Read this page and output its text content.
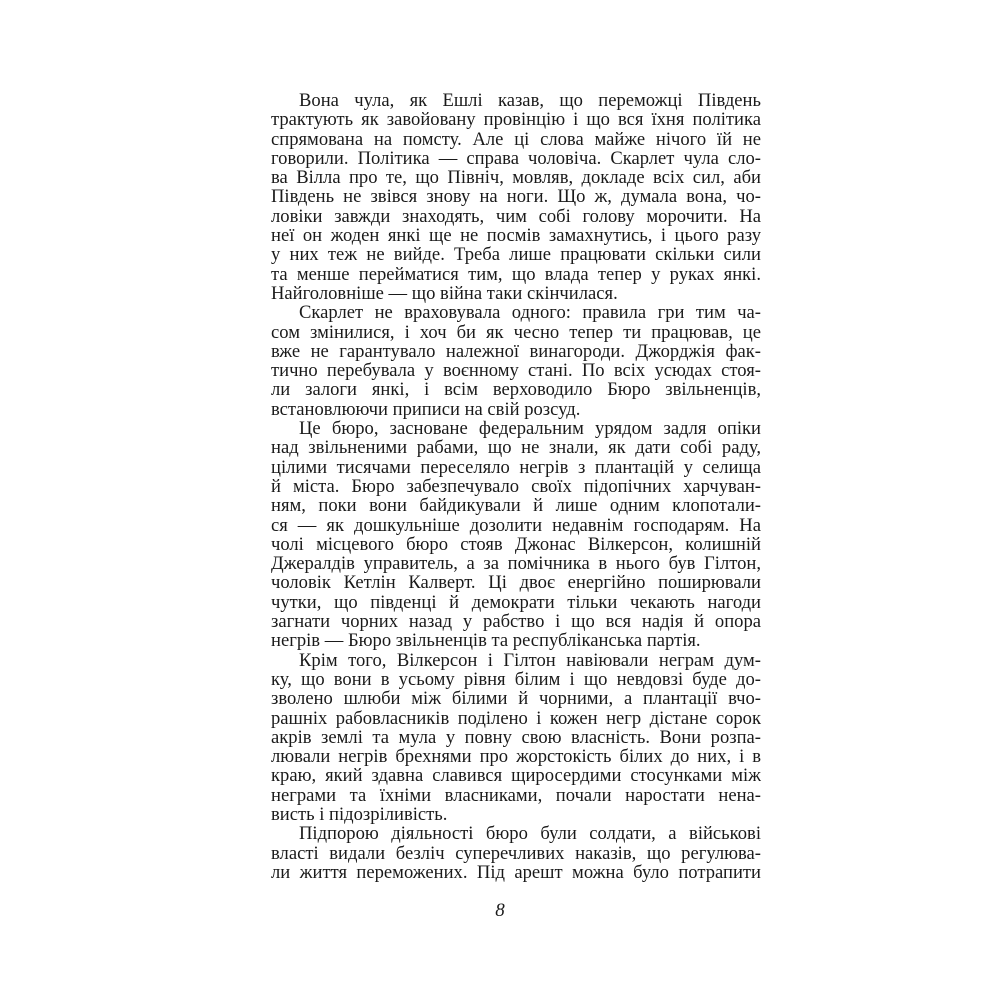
Вона чула, як Ешлі казав, що переможці Південь
трактують як завойовану провінцію і що вся їхня політика
спрямована на помсту. Але ці слова майже нічого їй не
говорили. Політика — справа чоловіча. Скарлет чула сло-
ва Вілла про те, що Північ, мовляв, докладе всіх сил, аби
Південь не звівся знову на ноги. Що ж, думала вона, чо-
ловіки завжди знаходять, чим собі голову морочити. На
неї он жоден янкі ще не посмів замахнутись, і цього разу
у них теж не вийде. Треба лише працювати скільки сили
та менше перейматися тим, що влада тепер у руках янкі.
Найголовніше — що війна таки скінчилася.

Скарлет не враховувала одного: правила гри тим ча-
сом змінилися, і хоч би як чесно тепер ти працював, це
вже не гарантувало належної винагороди. Джорджія фак-
тично перебувала у воєнному стані. По всіх усюдах стоя-
ли залоги янкі, і всім верховодило Бюро звільненців,
встановлюючи приписи на свій розсуд.

Це бюро, засноване федеральним урядом задля опіки
над звільненими рабами, що не знали, як дати собі раду,
цілими тисячами переселяло негрів з плантацій у селища
й міста. Бюро забезпечувало своїх підопічних харчуван-
ням, поки вони байдикували й лише одним клопотали-
ся — як дошкульніше дозолити недавнім господарям. На
чолі місцевого бюро стояв Джонас Вілкерсон, колишній
Джералдів управитель, а за помічника в нього був Гілтон,
чоловік Кетлін Калверт. Ці двоє енергійно поширювали
чутки, що південці й демократи тільки чекають нагоди
загнати чорних назад у рабство і що вся надія й опора
негрів — Бюро звільненців та республіканська партія.

Крім того, Вілкерсон і Гілтон навіювали неграм дум-
ку, що вони в усьому рівня білим і що невдовзі буде до-
зволено шлюби між білими й чорними, а плантації вчо-
рашніх рабовласників поділено і кожен негр дістане сорок
акрів землі та мула у повну свою власність. Вони розпа-
лювали негрів брехнями про жорстокість білих до них, і в
краю, який здавна славився щиросердими стосунками між
неграми та їхніми власниками, почали наростати нена-
висть і підозріливість.

Підпорою діяльності бюро були солдати, а військові
власті видали безліч суперечливих наказів, що регулюва-
ли життя переможених. Під арешт можна було потрапити

8
